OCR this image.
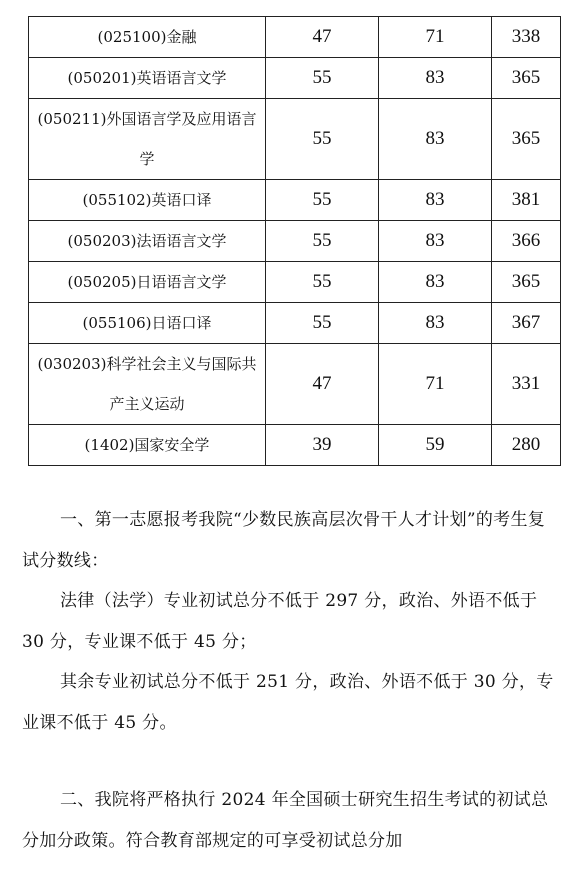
(025100)金融	47	71	338
(050201)英语语言文学	55	83	365
(050211)外国语言学及应用语言学	55	83	365
(055102)英语口译	55	83	381
(050203)法语语言文学	55	83	366
(050205)日语语言文学	55	83	365
(055106)日语口译	55	83	367
(030203)科学社会主义与国际共产主义运动	47	71	331
(1402)国家安全学	39	59	280

一、第一志愿报考我院“少数民族高层次骨干人才计划”的考生复试分数线：

法律（法学）专业初试总分不低于 297 分，政治、外语不低于 30 分，专业课不低于 45 分；

其余专业初试总分不低于 251 分，政治、外语不低于 30 分，专业课不低于 45 分。

二、我院将严格执行 2024 年全国硕士研究生招生考试的初试总分加分政策。符合教育部规定的可享受初试总分加
